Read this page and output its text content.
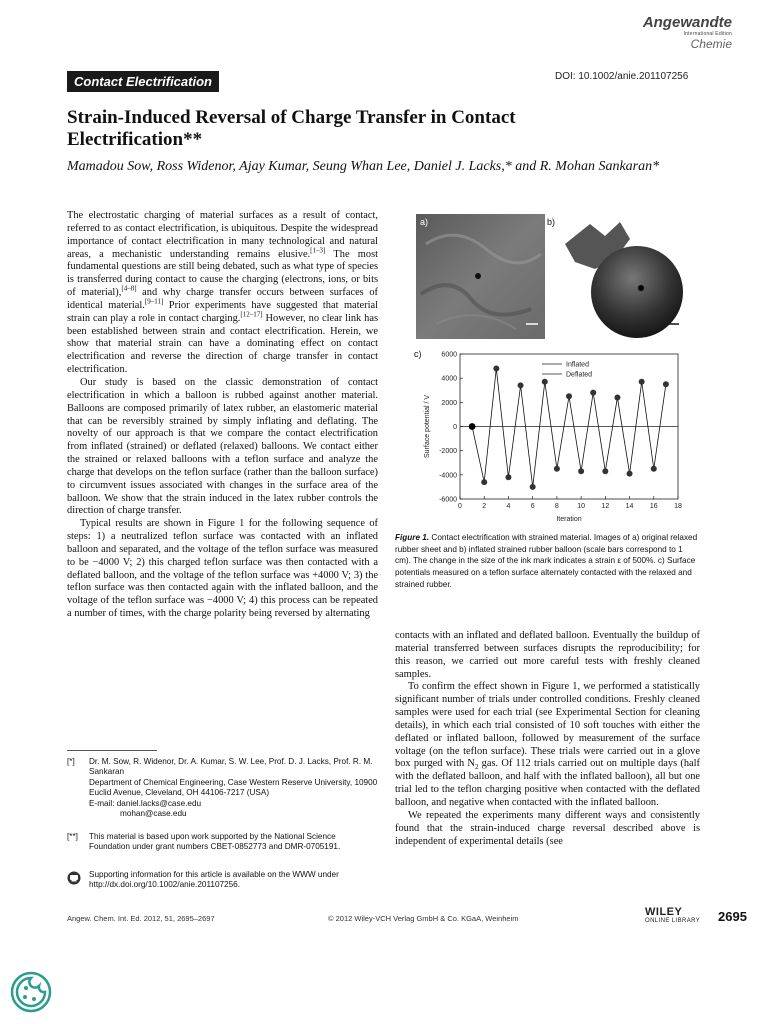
Angewandte
International Edition
Chemie
Contact Electrification	DOI: 10.1002/anie.201107256
Strain-Induced Reversal of Charge Transfer in Contact Electrification**
Mamadou Sow, Ross Widenor, Ajay Kumar, Seung Whan Lee, Daniel J. Lacks,* and R. Mohan Sankaran*

The electrostatic charging of material surfaces as a result of contact, referred to as contact electrification, is ubiquitous. Despite the widespread importance of contact electrification in many technological and natural areas, a mechanistic understanding remains elusive.[1–3] The most fundamental questions are still being debated, such as what type of species is transferred during contact to cause the charging (electrons, ions, or bits of material),[4–8] and why charge transfer occurs between surfaces of identical material.[9–11] Prior experiments have suggested that material strain can play a role in contact charging.[12–17] However, no clear link has been established between strain and contact electrification. Herein, we show that material strain can have a dominating effect on contact electrification and reverse the direction of charge transfer in contact electrification.

Our study is based on the classic demonstration of contact electrification in which a balloon is rubbed against another material. Balloons are composed primarily of latex rubber, an elastomeric material that can be reversibly strained by simply inflating and deflating. The novelty of our approach is that we compare the contact electrification from inflated (strained) or deflated (relaxed) balloons. We contact either the strained or relaxed balloons with a teflon surface and analyze the charge that develops on the teflon surface (rather than the balloon surface) to circumvent issues associated with changes in the surface area of the balloon. We show that the strain induced in the latex rubber controls the direction of charge transfer.

Typical results are shown in Figure 1 for the following sequence of steps: 1) a neutralized teflon surface was contacted with an inflated balloon and separated, and the voltage of the teflon surface was measured to be −4000 V; 2) this charged teflon surface was then contacted with a deflated balloon, and the voltage of the teflon surface was +4000 V; 3) the teflon surface was then contacted again with the inflated balloon, and the voltage of the teflon surface was −4000 V; 4) this process can be repeated a number of times, with the charge polarity being reversed by alternating

[*]	Dr. M. Sow, R. Widenor, Dr. A. Kumar, S. W. Lee, Prof. D. J. Lacks, Prof. R. M. Sankaran
Department of Chemical Engineering, Case Western Reserve University, 10900 Euclid Avenue, Cleveland, OH 44106-7217 (USA)
E-mail: daniel.lacks@case.edu
mohan@case.edu
[**]	This material is based upon work supported by the National Science Foundation under grant numbers CBET-0852773 and DMR-0705191.
Supporting information for this article is available on the WWW under http://dx.doi.org/10.1002/anie.201107256.
a)	b)
c)
-6000
-4000
-2000
0
2000
4000
6000
0	2	4	6	8	10 12 14 16 18
Iteration
Surface potential / V
Inflated
Deflated
Figure 1. Contact electrification with strained material. Images of a) original relaxed rubber sheet and b) inflated strained rubber balloon (scale bars correspond to 1 cm). The change in the size of the ink mark indicates a strain ε of 500%. c) Surface potentials measured on a teflon surface alternately contacted with the relaxed and strained rubber.

contacts with an inflated and deflated balloon. Eventually the buildup of material transferred between surfaces disrupts the reproducibility; for this reason, we carried out more careful tests with freshly cleaned samples.

To confirm the effect shown in Figure 1, we performed a statistically significant number of trials under controlled conditions. Freshly cleaned samples were used for each trial (see Experimental Section for cleaning details), in which each trial consisted of 10 soft touches with either the deflated or inflated balloon, followed by measurement of the surface voltage (on the teflon surface). These trials were carried out in a glove box purged with $N_2$ gas. Of 112 trials carried out on multiple days (half with the deflated balloon, and half with the inflated balloon), all but one trial led to the teflon charging positive when contacted with the deflated balloon, and negative when contacted with the inflated balloon.

We repeated the experiments many different ways and consistently found that the strain-induced charge reversal described above is independent of experimental details (see

Angew. Chem. Int. Ed. 2012, 51, 2695–2697	© 2012 Wiley-VCH Verlag GmbH & Co. KGaA, Weinheim
WILEY
ONLINE LIBRARY 2695
